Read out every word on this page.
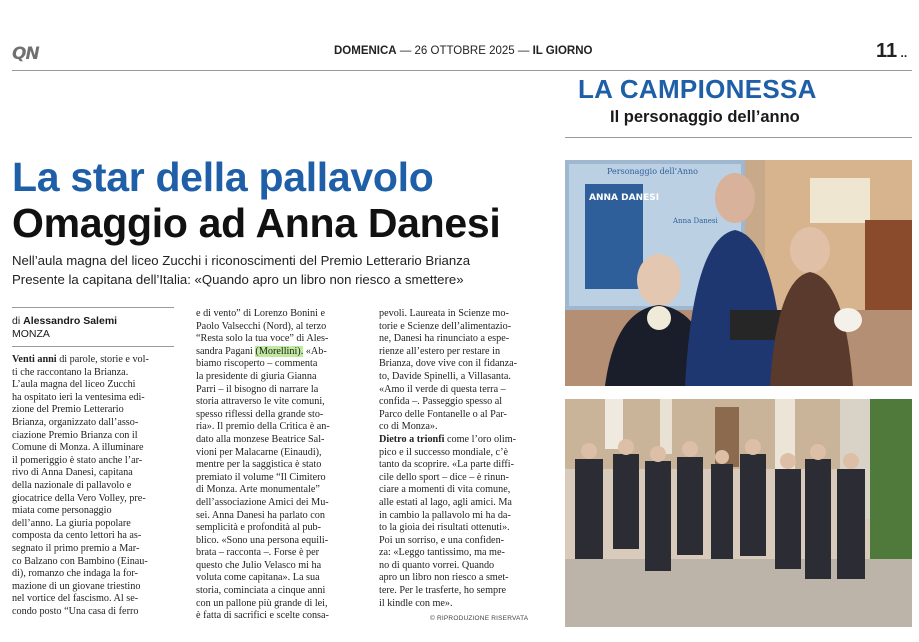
QN	DOMENICA — 26 OTTOBRE 2025 — IL GIORNO	11 ..
LA CAMPIONESSA
Il personaggio dell’anno
La star della pallavolo
Omaggio ad Anna Danesi
Nell’aula magna del liceo Zucchi i riconoscimenti del Premio Letterario Brianza
Presente la capitana dell’Italia: «Quando apro un libro non riesco a smettere»
di Alessandro Salemi
MONZA
Venti anni di parole, storie e vol-
ti che raccontano la Brianza.
L’aula magna del liceo Zucchi
ha ospitato ieri la ventesima edi-
zione del Premio Letterario
Brianza, organizzato dall’asso-
ciazione Premio Brianza con il
Comune di Monza. A illuminare
il pomeriggio è stato anche l’ar-
rivo di Anna Danesi, capitana
della nazionale di pallavolo e
giocatrice della Vero Volley, pre-
miata come personaggio
dell’anno. La giuria popolare
composta da cento lettori ha as-
segnato il primo premio a Mar-
co Balzano con Bambino (Einau-
di), romanzo che indaga la for-
mazione di un giovane triestino
nel vortice del fascismo. Al se-
condo posto “Una casa di ferro
e di vento” di Lorenzo Bonini e
Paolo Valsecchi (Nord), al terzo
“Resta solo la tua voce” di Ales-
sandra Pagani (Morellini). «Ab-
biamo riscoperto – commenta
la presidente di giuria Gianna
Parri – il bisogno di narrare la
storia attraverso le vite comuni,
spesso riflessi della grande sto-
ria». Il premio della Critica è an-
dato alla monzese Beatrice Sal-
vioni per Malacarne (Einaudi),
mentre per la saggistica è stato
premiato il volume “Il Cimitero
di Monza. Arte monumentale”
dell’associazione Amici dei Mu-
sei. Anna Danesi ha parlato con
semplicità e profondità al pub-
blico. «Sono una persona equili-
brata – racconta –. Forse è per
questo che Julio Velasco mi ha
voluta come capitana». La sua
storia, cominciata a cinque anni
con un pallone più grande di lei,
è fatta di sacrifici e scelte consa-
pevoli. Laureata in Scienze mo-
torie e Scienze dell’alimentazio-
ne, Danesi ha rinunciato a espe-
rienze all’estero per restare in
Brianza, dove vive con il fidanza-
to, Davide Spinelli, a Villasanta.
«Amo il verde di questa terra –
confida –. Passeggio spesso al
Parco delle Fontanelle o al Par-
co di Monza».
Dietro a trionfi come l’oro olim-
pico e il successo mondiale, c’è
tanto da scoprire. «La parte diffi-
cile dello sport – dice – è rinun-
ciare a momenti di vita comune,
alle estati al lago, agli amici. Ma
in cambio la pallavolo mi ha da-
to la gioia dei risultati ottenuti».
Poi un sorriso, e una confiden-
za: «Leggo tantissimo, ma me-
no di quanto vorrei. Quando
apro un libro non riesco a smet-
tere. Per le trasferte, ho sempre
il kindle con me».
© RIPRODUZIONE RISERVATA
Personaggio dell’Anno
ANNA DANESI
Anna Danesi
